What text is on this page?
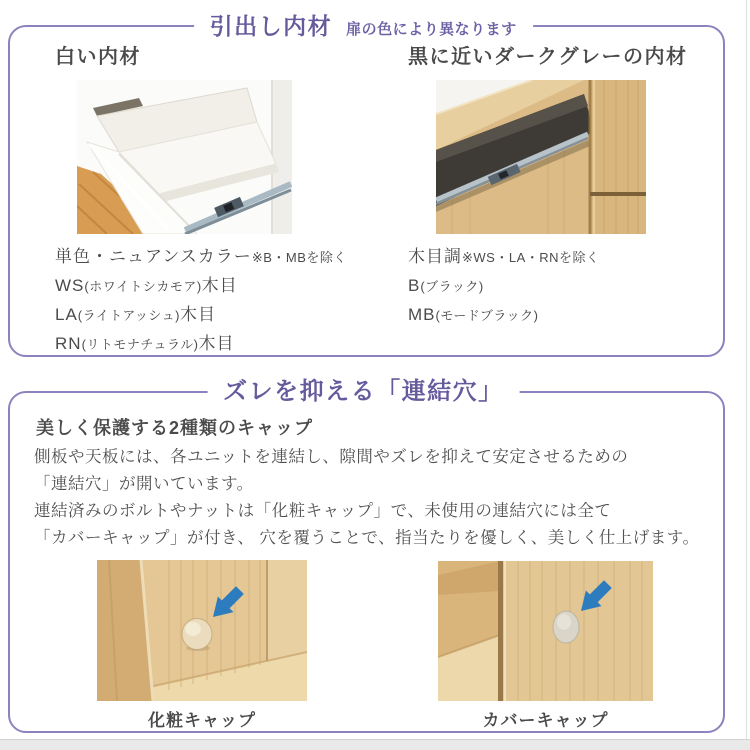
引出し内材 扉の色により異なります
白い内材	黒に近いダークグレーの内材
単色・ニュアンスカラー※B・MBを除く
WS(ホワイトシカモア)木目
LA(ライトアッシュ)木目
RN(リトモナチュラル)木目
木目調※WS・LA・RNを除く
B(ブラック)
MB(モードブラック)
ズレを抑える「連結穴」
美しく保護する2種類のキャップ
側板や天板には、各ユニットを連結し、隙間やズレを抑えて安定させるための
「連結穴」が開いています。
連結済みのボルトやナットは「化粧キャップ」で、未使用の連結穴には全て
「カバーキャップ」が付き、 穴を覆うことで、指当たりを優しく、美しく仕上げます。
化粧キャップ	カバーキャップ
